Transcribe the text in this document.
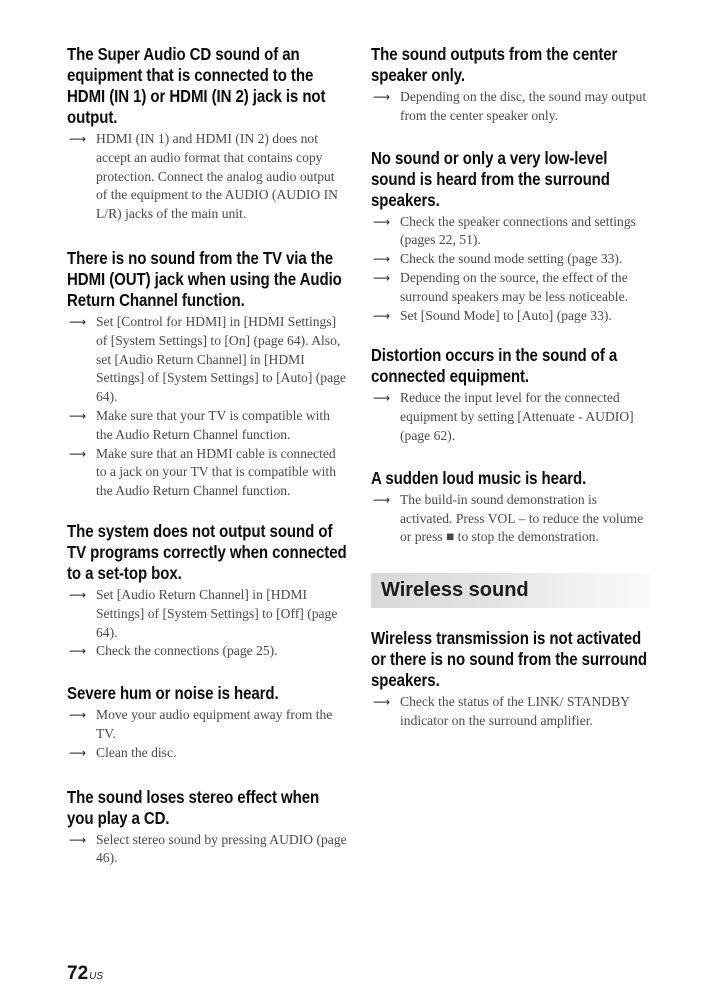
The Super Audio CD sound of an equipment that is connected to the HDMI (IN 1) or HDMI (IN 2) jack is not output.
⟶ HDMI (IN 1) and HDMI (IN 2) does not accept an audio format that contains copy protection. Connect the analog audio output of the equipment to the AUDIO (AUDIO IN L/R) jacks of the main unit.
There is no sound from the TV via the HDMI (OUT) jack when using the Audio Return Channel function.
⟶ Set [Control for HDMI] in [HDMI Settings] of [System Settings] to [On] (page 64). Also, set [Audio Return Channel] in [HDMI Settings] of [System Settings] to [Auto] (page 64).
⟶ Make sure that your TV is compatible with the Audio Return Channel function.
⟶ Make sure that an HDMI cable is connected to a jack on your TV that is compatible with the Audio Return Channel function.
The system does not output sound of TV programs correctly when connected to a set-top box.
⟶ Set [Audio Return Channel] in [HDMI Settings] of [System Settings] to [Off] (page 64).
⟶ Check the connections (page 25).
Severe hum or noise is heard.
⟶ Move your audio equipment away from the TV.
⟶ Clean the disc.
The sound loses stereo effect when you play a CD.
⟶ Select stereo sound by pressing AUDIO (page 46).
The sound outputs from the center speaker only.
⟶ Depending on the disc, the sound may output from the center speaker only.
No sound or only a very low-level sound is heard from the surround speakers.
⟶ Check the speaker connections and settings (pages 22, 51).
⟶ Check the sound mode setting (page 33).
⟶ Depending on the source, the effect of the surround speakers may be less noticeable.
⟶ Set [Sound Mode] to [Auto] (page 33).
Distortion occurs in the sound of a connected equipment.
⟶ Reduce the input level for the connected equipment by setting [Attenuate - AUDIO] (page 62).
A sudden loud music is heard.
⟶ The build-in sound demonstration is activated. Press VOL – to reduce the volume or press ■ to stop the demonstration.
Wireless sound
Wireless transmission is not activated or there is no sound from the surround speakers.
⟶ Check the status of the LINK/ STANDBY indicator on the surround amplifier.
72US
